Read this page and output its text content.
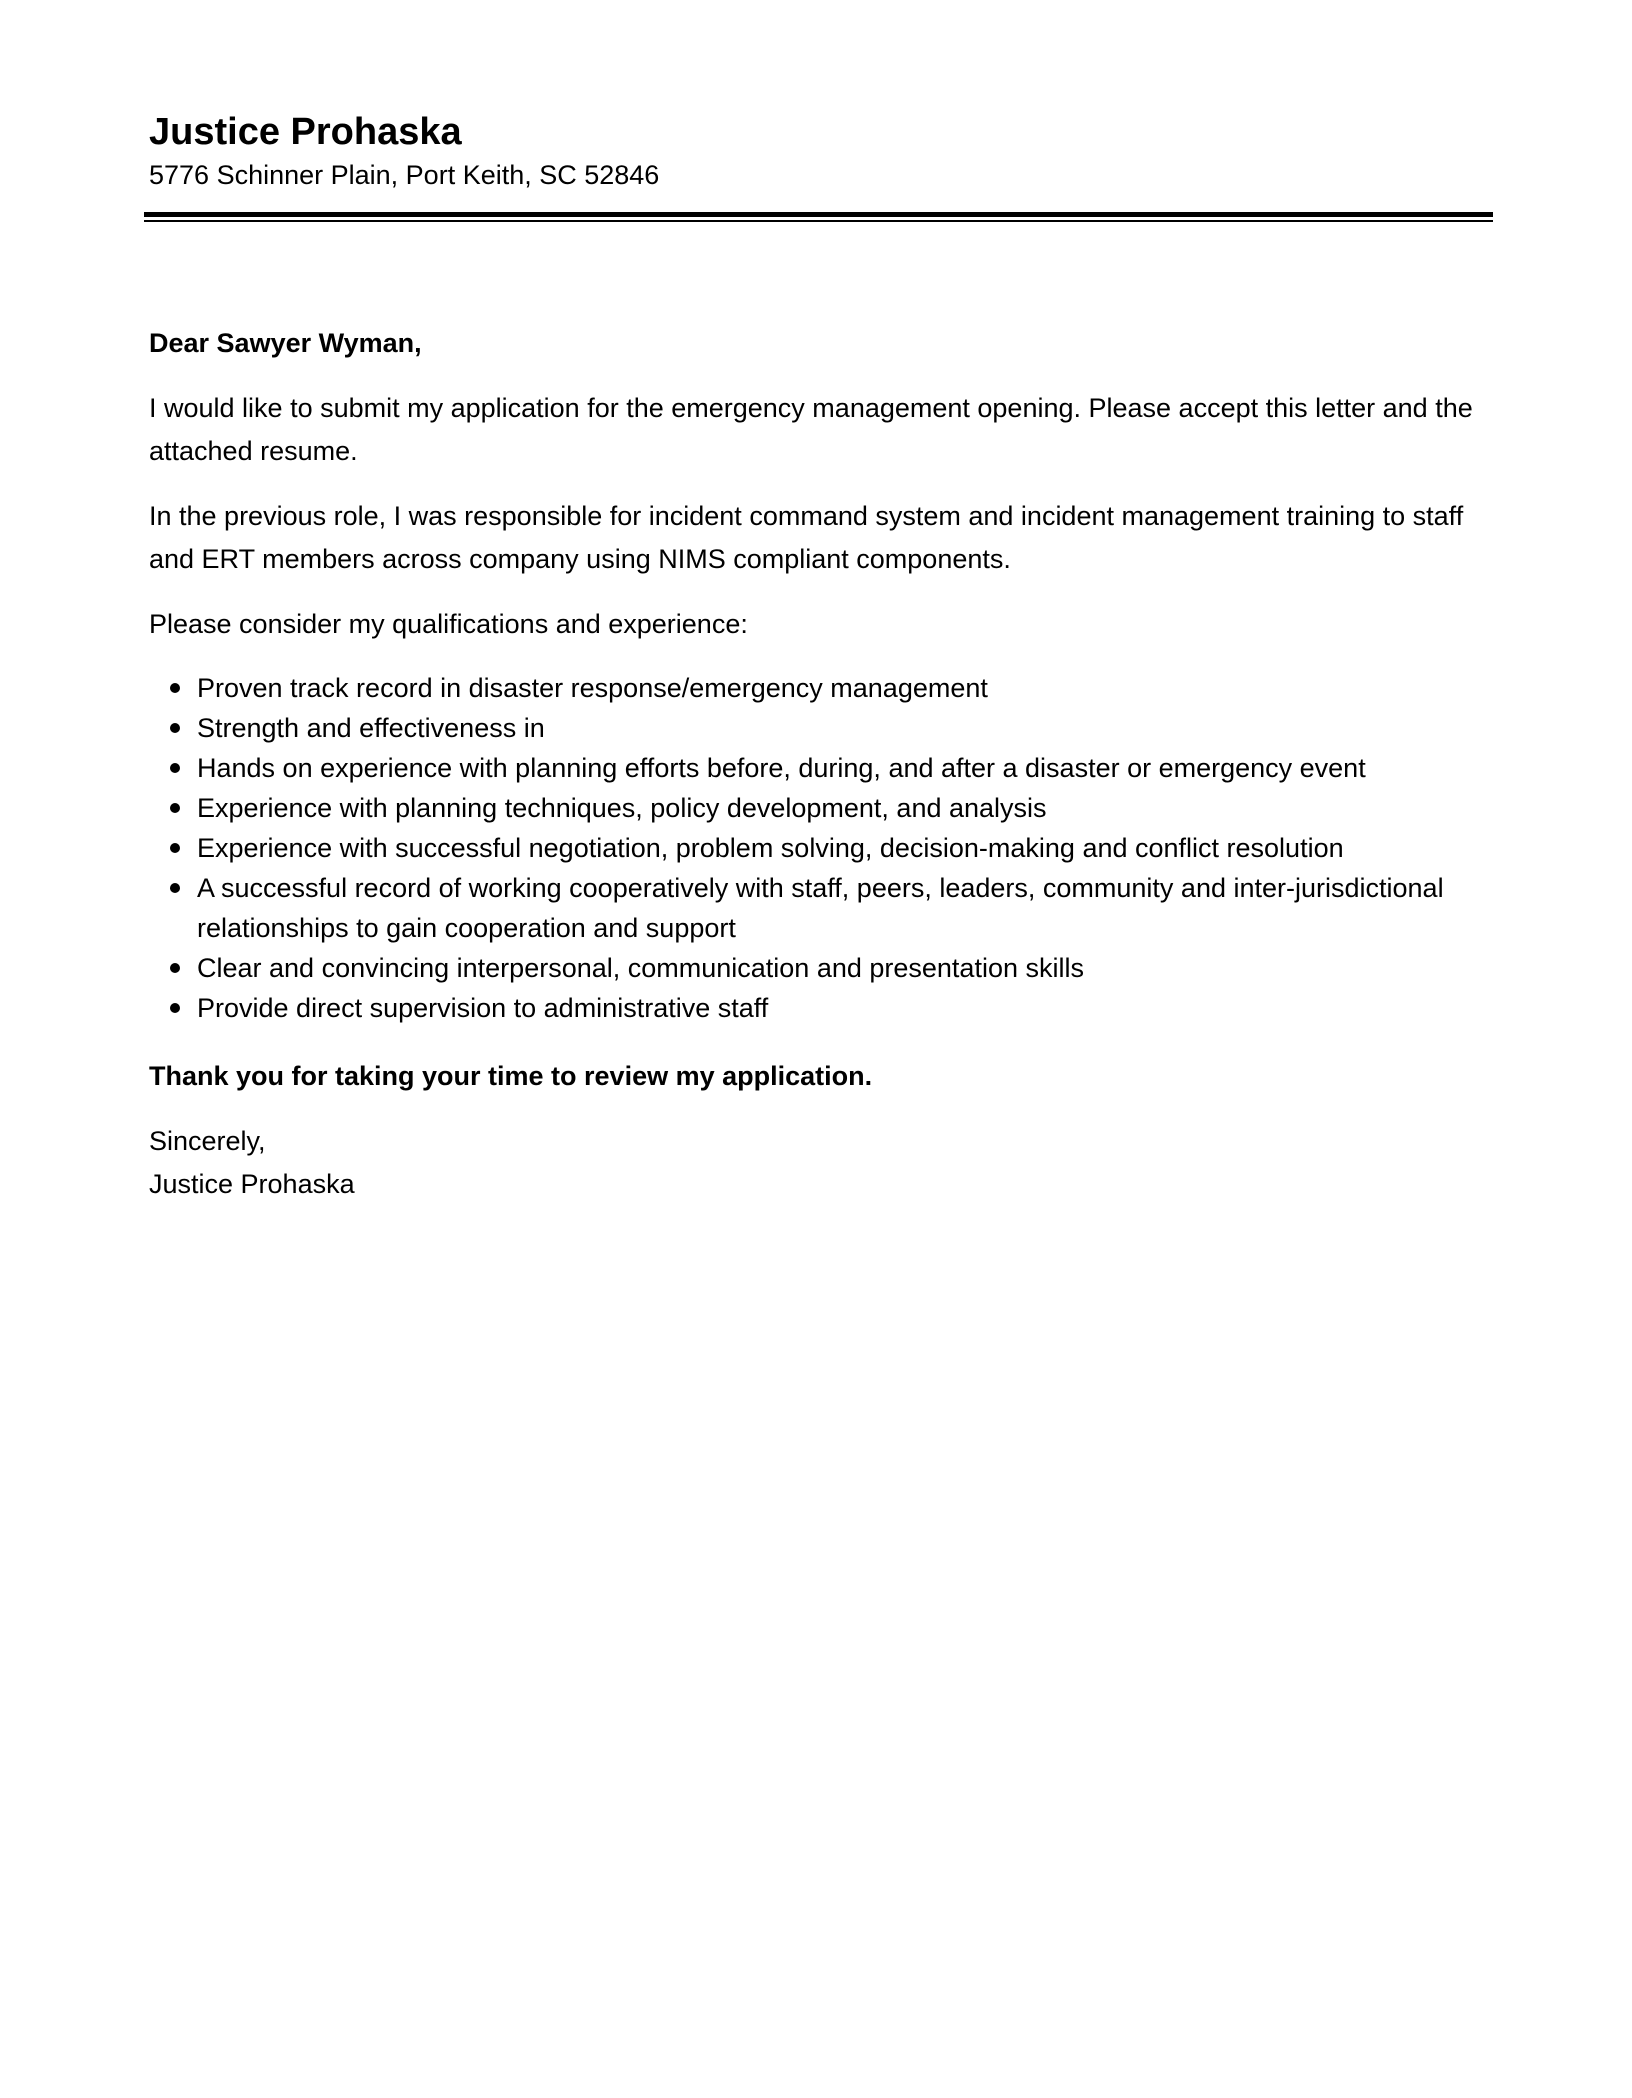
Justice Prohaska

5776 Schinner Plain, Port Keith, SC 52846

Dear Sawyer Wyman,

I would like to submit my application for the emergency management opening. Please accept this letter and the attached resume.

In the previous role, I was responsible for incident command system and incident management training to staff and ERT members across company using NIMS compliant components.

Please consider my qualifications and experience:

Proven track record in disaster response/emergency management
Strength and effectiveness in
Hands on experience with planning efforts before, during, and after a disaster or emergency event
Experience with planning techniques, policy development, and analysis
Experience with successful negotiation, problem solving, decision-making and conflict resolution
A successful record of working cooperatively with staff, peers, leaders, community and inter-jurisdictional relationships to gain cooperation and support
Clear and convincing interpersonal, communication and presentation skills
Provide direct supervision to administrative staff

Thank you for taking your time to review my application.

Sincerely,

Justice Prohaska
